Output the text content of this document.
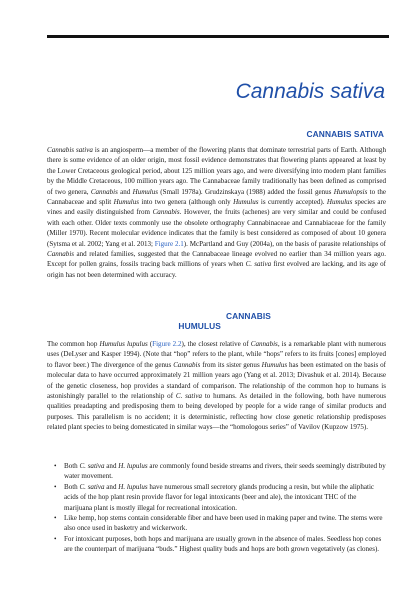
Cannabis sativa
CANNABIS SATIVA

Cannabis sativa is an angiosperm—a member of the flowering plants that dominate terrestrial parts of Earth. Although there is some evidence of an older origin, most fossil evidence demonstrates that flowering plants appeared at least by the Lower Cretaceous geological period, about 125 million years ago, and were diversifying into modern plant families by the Middle Cretaceous, 100 million years ago. The Cannabaceae family traditionally has been defined as comprised of two genera, Cannabis and Humulus (Small 1978a). Grudzinskaya (1988) added the fossil genus Humulopsis to the Cannabaceae and split Humulus into two genera (although only Humulus is currently accepted). Humulus species are vines and easily distinguished from Cannabis. However, the fruits (achenes) are very similar and could be confused with each other. Older texts commonly use the obsolete orthography Cannabinaceae and Cannabiaceae for the family (Miller 1970). Recent molecular evidence indicates that the family is best considered as composed of about 10 genera (Sytsma et al. 2002; Yang et al. 2013; Figure 2.1). McPartland and Guy (2004a), on the basis of parasite relationships of Cannabis and related families, suggested that the Cannabaceae lineage evolved no earlier than 34 million years ago. Except for pollen grains, fossils tracing back millions of years when C. sativa first evolved are lacking, and its age of origin has not been determined with accuracy.

CANNABIS
HUMULUS

The common hop Humulus lupulus (Figure 2.2), the closest relative of Cannabis, is a remarkable plant with numerous uses (DeLyser and Kasper 1994). (Note that “hop” refers to the plant, while “hops” refers to its fruits [cones] employed to flavor beer.) The divergence of the genus Cannabis from its sister genus Humulus has been estimated on the basis of molecular data to have occurred approximately 21 million years ago (Yang et al. 2013; Divashuk et al. 2014). Because of the genetic closeness, hop provides a standard of comparison. The relationship of the common hop to humans is astonishingly parallel to the relationship of C. sativa to humans. As detailed in the following, both have numerous qualities preadapting and predisposing them to being developed by people for a wide range of similar products and purposes. This parallelism is no accident; it is deterministic, reflecting how close genetic relationship predisposes related plant species to being domesticated in similar ways—the “homologous series” of Vavilov (Kupzow 1975).

• Both C. sativa and H. lupulus are commonly found beside streams and rivers, their seeds seemingly distributed by water movement.
• Both C. sativa and H. lupulus have numerous small secretory glands producing a resin, but while the aliphatic acids of the hop plant resin provide flavor for legal intoxicants (beer and ale), the intoxicant THC of the marijuana plant is mostly illegal for recreational intoxication.
• Like hemp, hop stems contain considerable fiber and have been used in making paper and twine. The stems were also once used in basketry and wickerwork.
• For intoxicant purposes, both hops and marijuana are usually grown in the absence of males. Seedless hop cones are the counterpart of marijuana “buds.” Highest quality buds and hops are both grown vegetatively (as clones).
